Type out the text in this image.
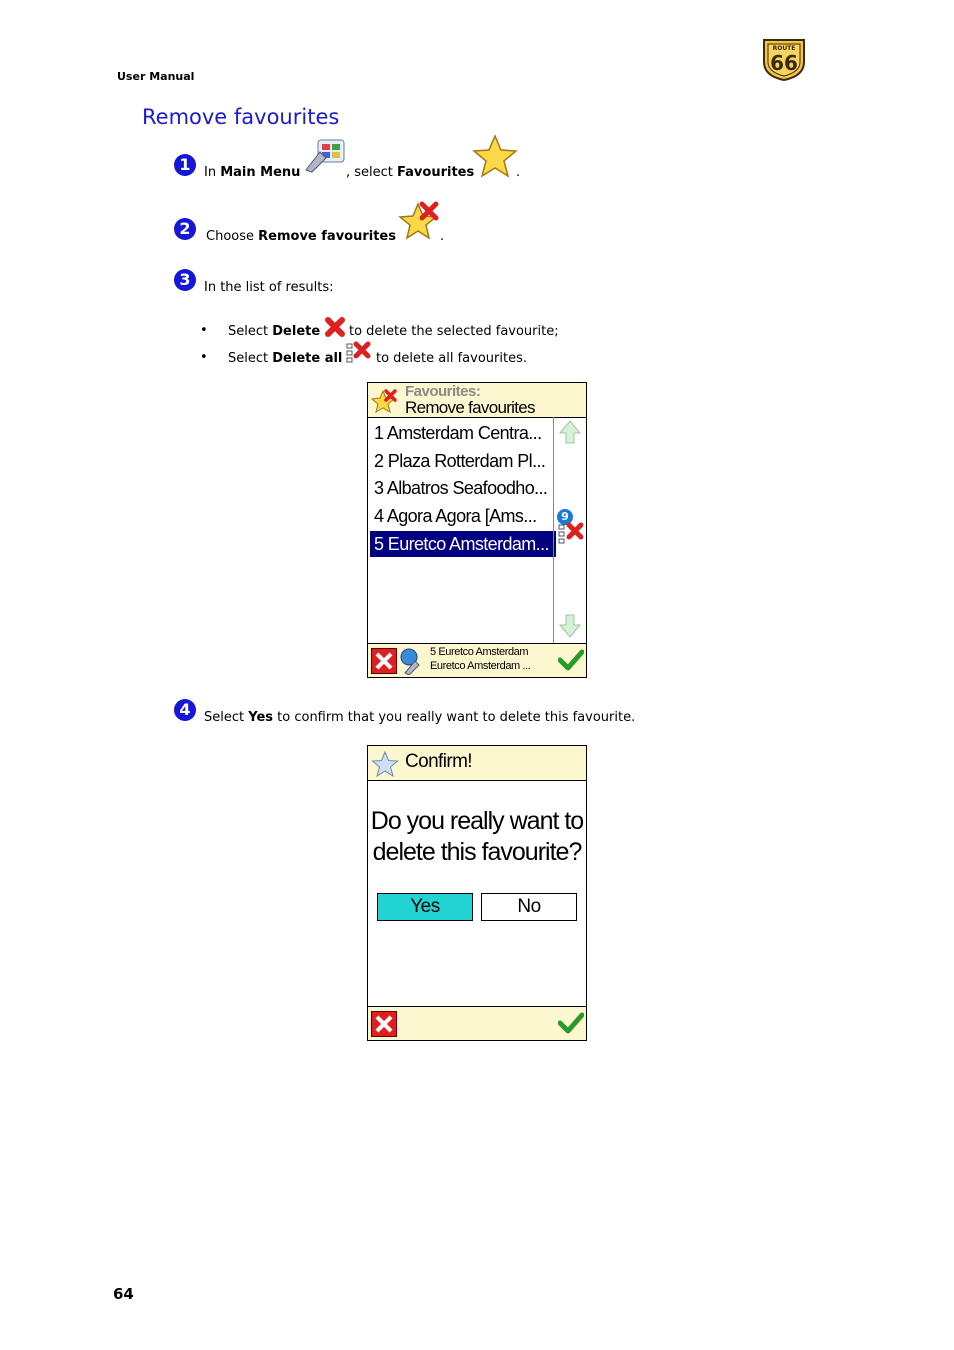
User Manual
ROUTE
66
Remove favourites
1	In Main Menu	, select Favourites	.
2	Choose Remove favourites	.
3	In the list of results:
• Select Delete to delete the selected favourite;
• Select Delete all	to delete all favourites.
Favourites:
Remove favourites
1 Amsterdam Centra...
2 Plaza Rotterdam Pl...
3 Albatros Seafoodho...
4 Agora Agora [Ams...
5 Euretco Amsterdam...
9
5 Euretco Amsterdam
Euretco Amsterdam ...
4	Select Yes to confirm that you really want to delete this favourite.
Confirm!
Do you really want to
delete this favourite?
Yes	No
64
